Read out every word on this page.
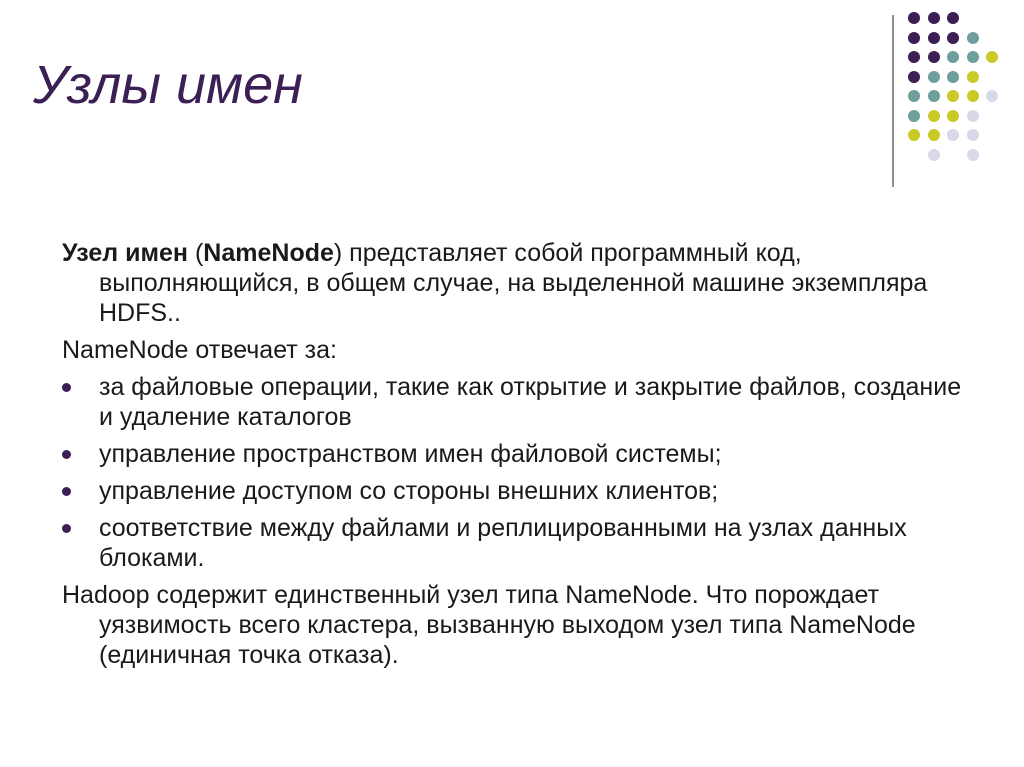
Узлы имен

Узел имен (NameNode) представляет собой программный код, выполняющийся, в общем случае, на выделенной машине экземпляра HDFS..

NameNode отвечает за:

за файловые операции, такие как открытие и закрытие файлов, создание и удаление каталогов
управление пространством имен файловой системы;
управление доступом со стороны внешних клиентов;
соответствие между файлами и реплицированными на узлах данных блоками.

Hadoop содержит единственный узел типа NameNode. Что порождает уязвимость всего кластера, вызванную выходом узел типа NameNode (единичная точка отказа).
